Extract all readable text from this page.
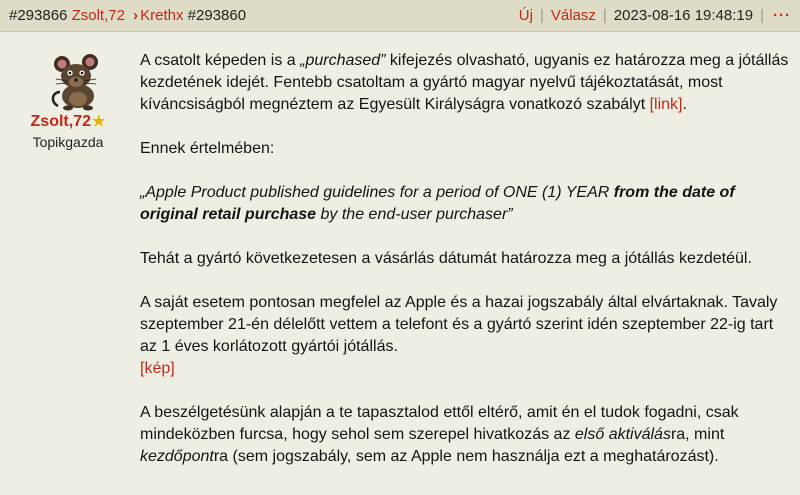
#293866 Zsolt,72 › Krethx #293860	Új | Válasz | 2023-08-16 19:48:19 | ···
Zsolt,72★
Topikgazda

A csatolt képeden is a „purchased” kifejezés olvasható, ugyanis ez határozza meg a jótállás kezdetének idejét. Fentebb csatoltam a gyártó magyar nyelvű tájékoztatását, most kíváncsiságból megnéztem az Egyesült Királyságra vonatkozó szabályt [link].

Ennek értelmében:

„Apple Product published guidelines for a period of ONE (1) YEAR from the date of original retail purchase by the end-user purchaser”

Tehát a gyártó következetesen a vásárlás dátumát határozza meg a jótállás kezdetéül.

A saját esetem pontosan megfelel az Apple és a hazai jogszabály által elvártaknak. Tavaly szeptember 21-én délelőtt vettem a telefont és a gyártó szerint idén szeptember 22-ig tart az 1 éves korlátozott gyártói jótállás.
[kép]

A beszélgetésünk alapján a te tapasztalod ettől eltérő, amit én el tudok fogadni, csak mindeközben furcsa, hogy sehol sem szerepel hivatkozás az első aktiválásra, mint kezdőpontra (sem jogszabály, sem az Apple nem használja ezt a meghatározást).
